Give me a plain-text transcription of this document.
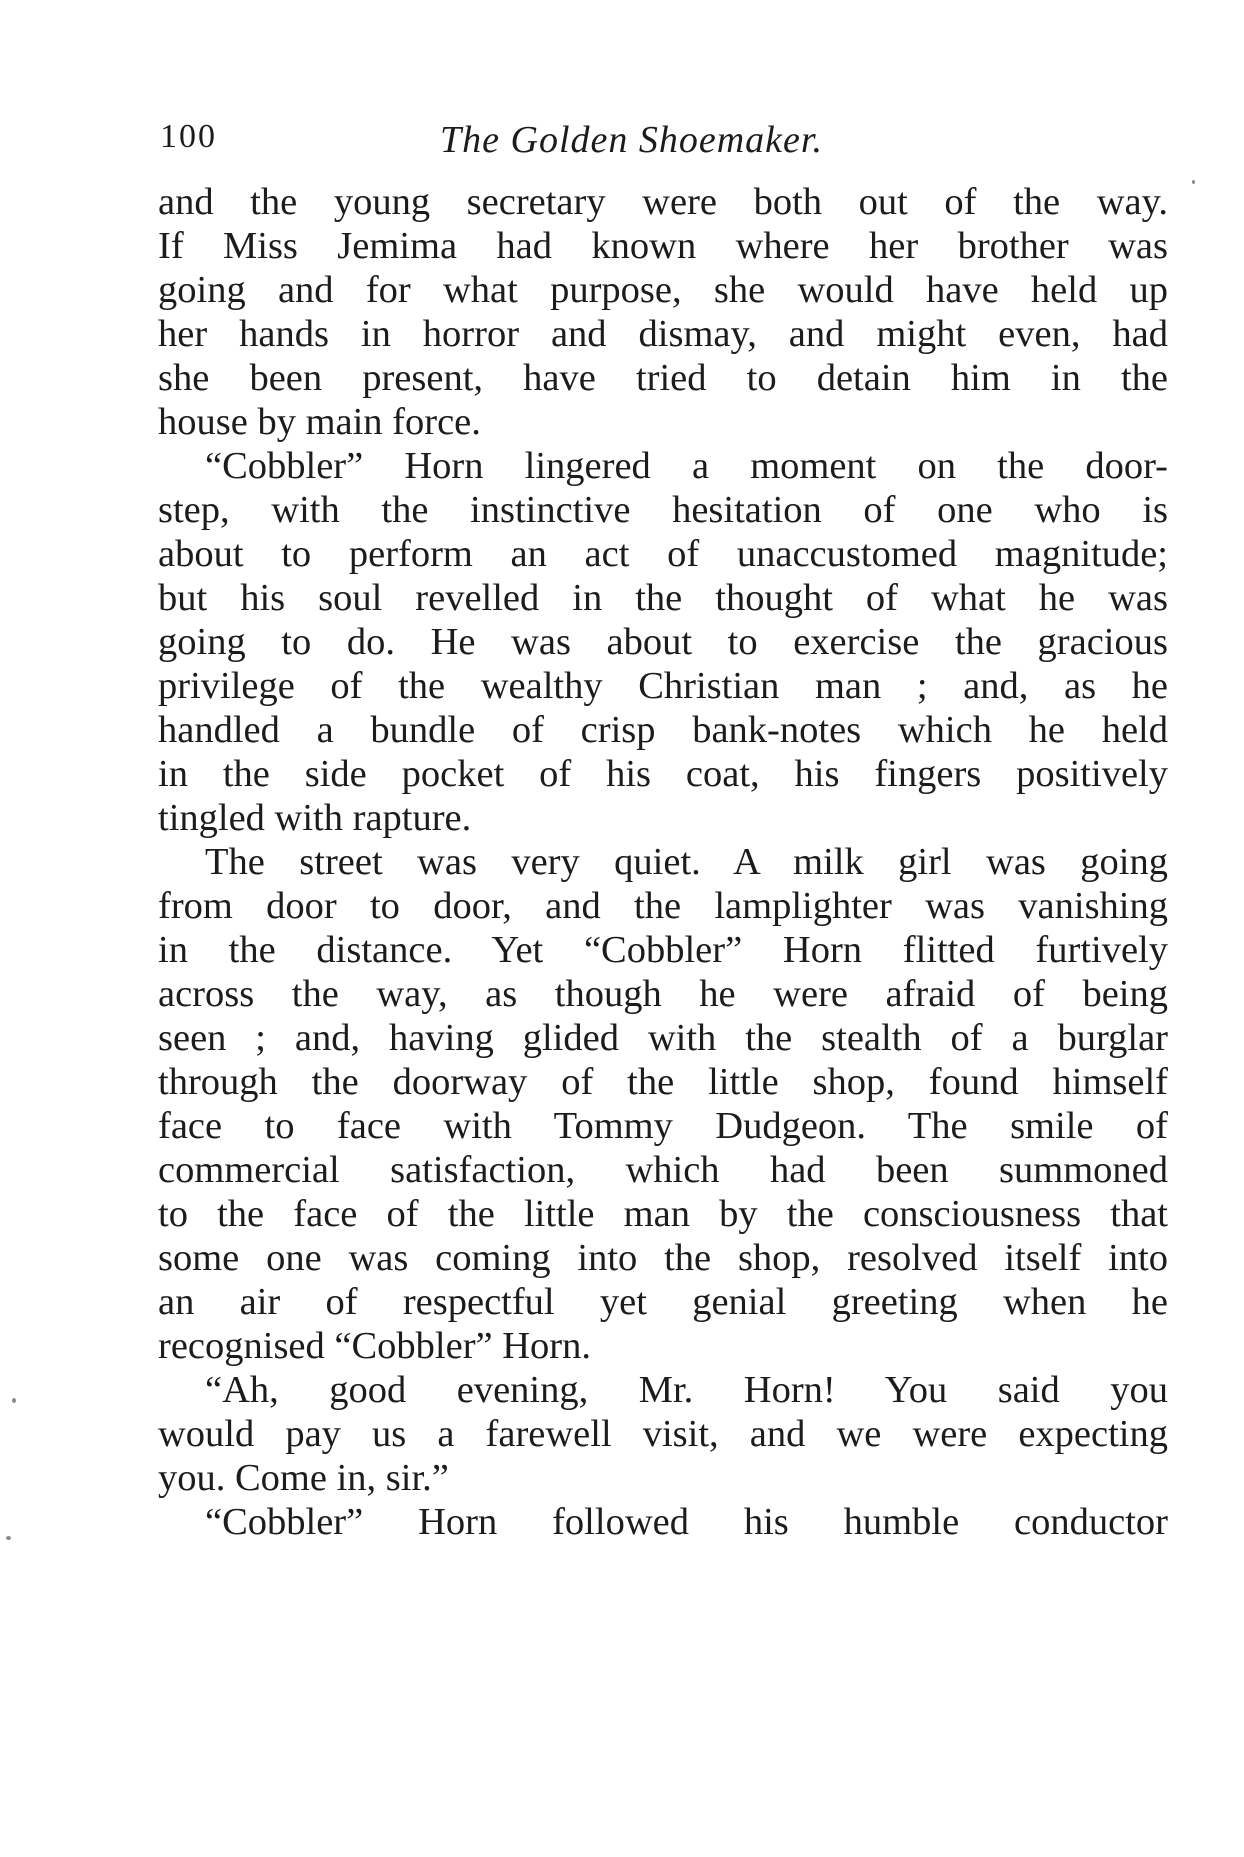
100	The Golden Shoemaker.
and the young secretary were both out of the way.
If Miss Jemima had known where her brother was
going and for what purpose, she would have held up
her hands in horror and dismay, and might even, had
she been present, have tried to detain him in the
house by main force.
“Cobbler” Horn lingered a moment on the door-
step, with the instinctive hesitation of one who is
about to perform an act of unaccustomed magnitude;
but his soul revelled in the thought of what he was
going to do. He was about to exercise the gracious
privilege of the wealthy Christian man ; and, as he
handled a bundle of crisp bank-notes which he held
in the side pocket of his coat, his fingers positively
tingled with rapture.
The street was very quiet. A milk girl was going
from door to door, and the lamplighter was vanishing
in the distance. Yet “Cobbler” Horn flitted furtively
across the way, as though he were afraid of being
seen ; and, having glided with the stealth of a burglar
through the doorway of the little shop, found himself
face to face with Tommy Dudgeon. The smile of
commercial satisfaction, which had been summoned
to the face of the little man by the consciousness that
some one was coming into the shop, resolved itself into
an air of respectful yet genial greeting when he
recognised “Cobbler” Horn.
“Ah, good evening, Mr. Horn! You said you
would pay us a farewell visit, and we were expecting
you. Come in, sir.”
“Cobbler” Horn followed his humble conductor
